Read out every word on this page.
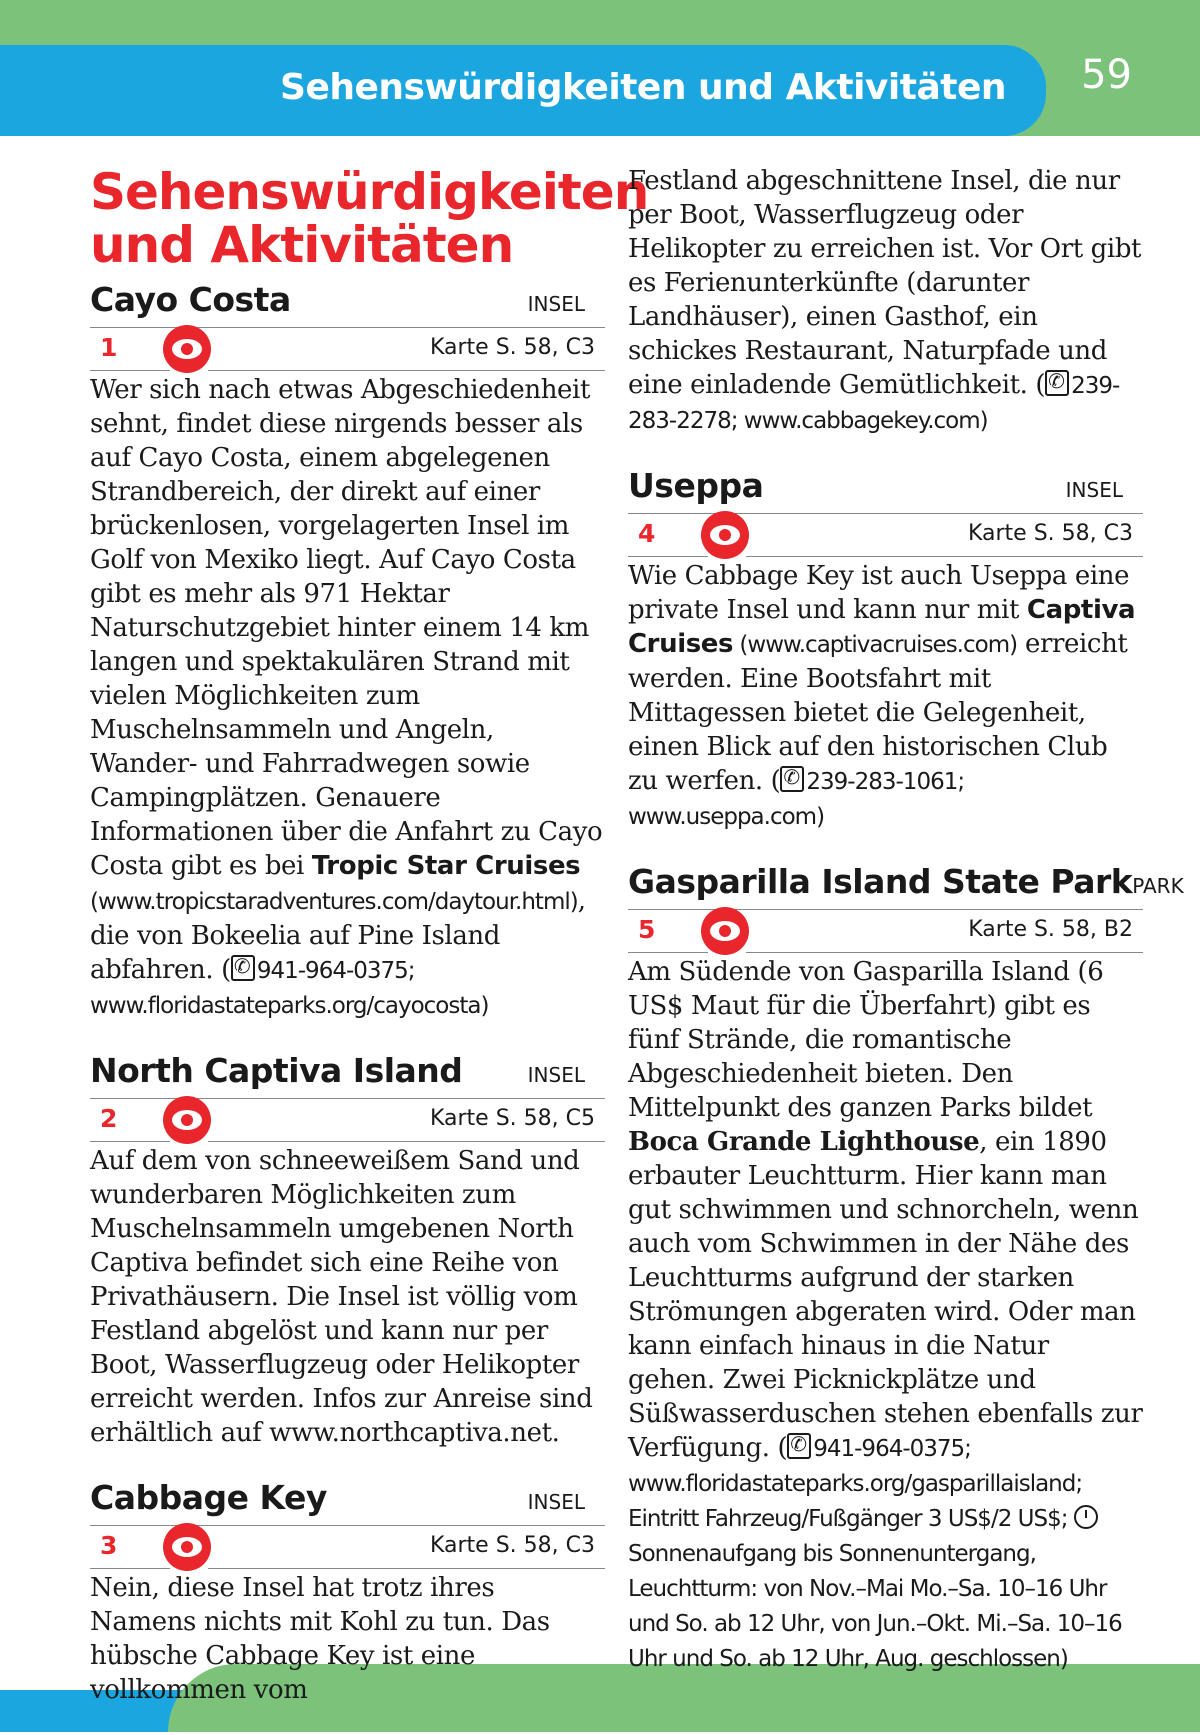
Sehenswürdigkeiten und Aktivitäten 59
Sehenswürdigkeiten
und Aktivitäten
Cayo Costa	INSEL
1	Karte S. 58, C3

Wer sich nach etwas Abgeschiedenheit sehnt, findet diese nirgends besser als auf Cayo Costa, einem abgelegenen Strandbereich, der direkt auf einer brückenlosen, vorgelagerten Insel im Golf von Mexiko liegt. Auf Cayo Costa gibt es mehr als 971 Hektar Naturschutzgebiet hinter einem 14 km langen und spektakulären Strand mit vielen Möglichkeiten zum Muschelnsammeln und Angeln, Wander- und Fahrradwegen sowie Campingplätzen. Genauere Informationen über die Anfahrt zu Cayo Costa gibt es bei Tropic Star Cruises (www.tropicstaradventures.com/daytour.html), die von Bokeelia auf Pine Island abfahren. ( ✆ 941-964-0375; www.floridastateparks.org/cayocosta)

North Captiva Island	INSEL
2	Karte S. 58, C5

Auf dem von schneeweißem Sand und wunderbaren Möglichkeiten zum Muschelnsammeln umgebenen North Captiva befindet sich eine Reihe von Privathäusern. Die Insel ist völlig vom Festland abgelöst und kann nur per Boot, Wasserflugzeug oder Helikopter erreicht werden. Infos zur Anreise sind erhältlich auf www.northcaptiva.net.

Cabbage Key	INSEL
3	Karte S. 58, C3

Nein, diese Insel hat trotz ihres Namens nichts mit Kohl zu tun. Das hübsche Cabbage Key ist eine vollkommen vom

Festland abgeschnittene Insel, die nur per Boot, Wasserflugzeug oder Helikopter zu erreichen ist. Vor Ort gibt es Ferienunterkünfte (darunter Landhäuser), einen Gasthof, ein schickes Restaurant, Naturpfade und eine einladende Gemütlichkeit. ( ✆ 239-283-2278; www.cabbagekey.com)

Useppa	INSEL
4	Karte S. 58, C3

Wie Cabbage Key ist auch Useppa eine private Insel und kann nur mit Captiva Cruises (www.captivacruises.com) erreicht werden. Eine Bootsfahrt mit Mittagessen bietet die Gelegenheit, einen Blick auf den historischen Club zu werfen. ( ✆ 239-283-1061; www.useppa.com)

Gasparilla Island State Park PARK
5	Karte S. 58, B2

Am Südende von Gasparilla Island (6 US$ Maut für die Überfahrt) gibt es fünf Strände, die romantische Abgeschiedenheit bieten. Den Mittelpunkt des ganzen Parks bildet Boca Grande Lighthouse, ein 1890 erbauter Leuchtturm. Hier kann man gut schwimmen und schnorcheln, wenn auch vom Schwimmen in der Nähe des Leuchtturms aufgrund der starken Strömungen abgeraten wird. Oder man kann einfach hinaus in die Natur gehen. Zwei Picknickplätze und Süßwasserduschen stehen ebenfalls zur Verfügung. ( ✆ 941-964-0375; www.floridastateparks.org/gasparillaisland; Eintritt Fahrzeug/Fußgänger 3 US$/2 US$; Sonnenaufgang bis Sonnenuntergang, Leuchtturm: von Nov.–Mai Mo.–Sa. 10–16 Uhr und So. ab 12 Uhr, von Jun.–Okt. Mi.–Sa. 10–16 Uhr und So. ab 12 Uhr, Aug. geschlossen)
